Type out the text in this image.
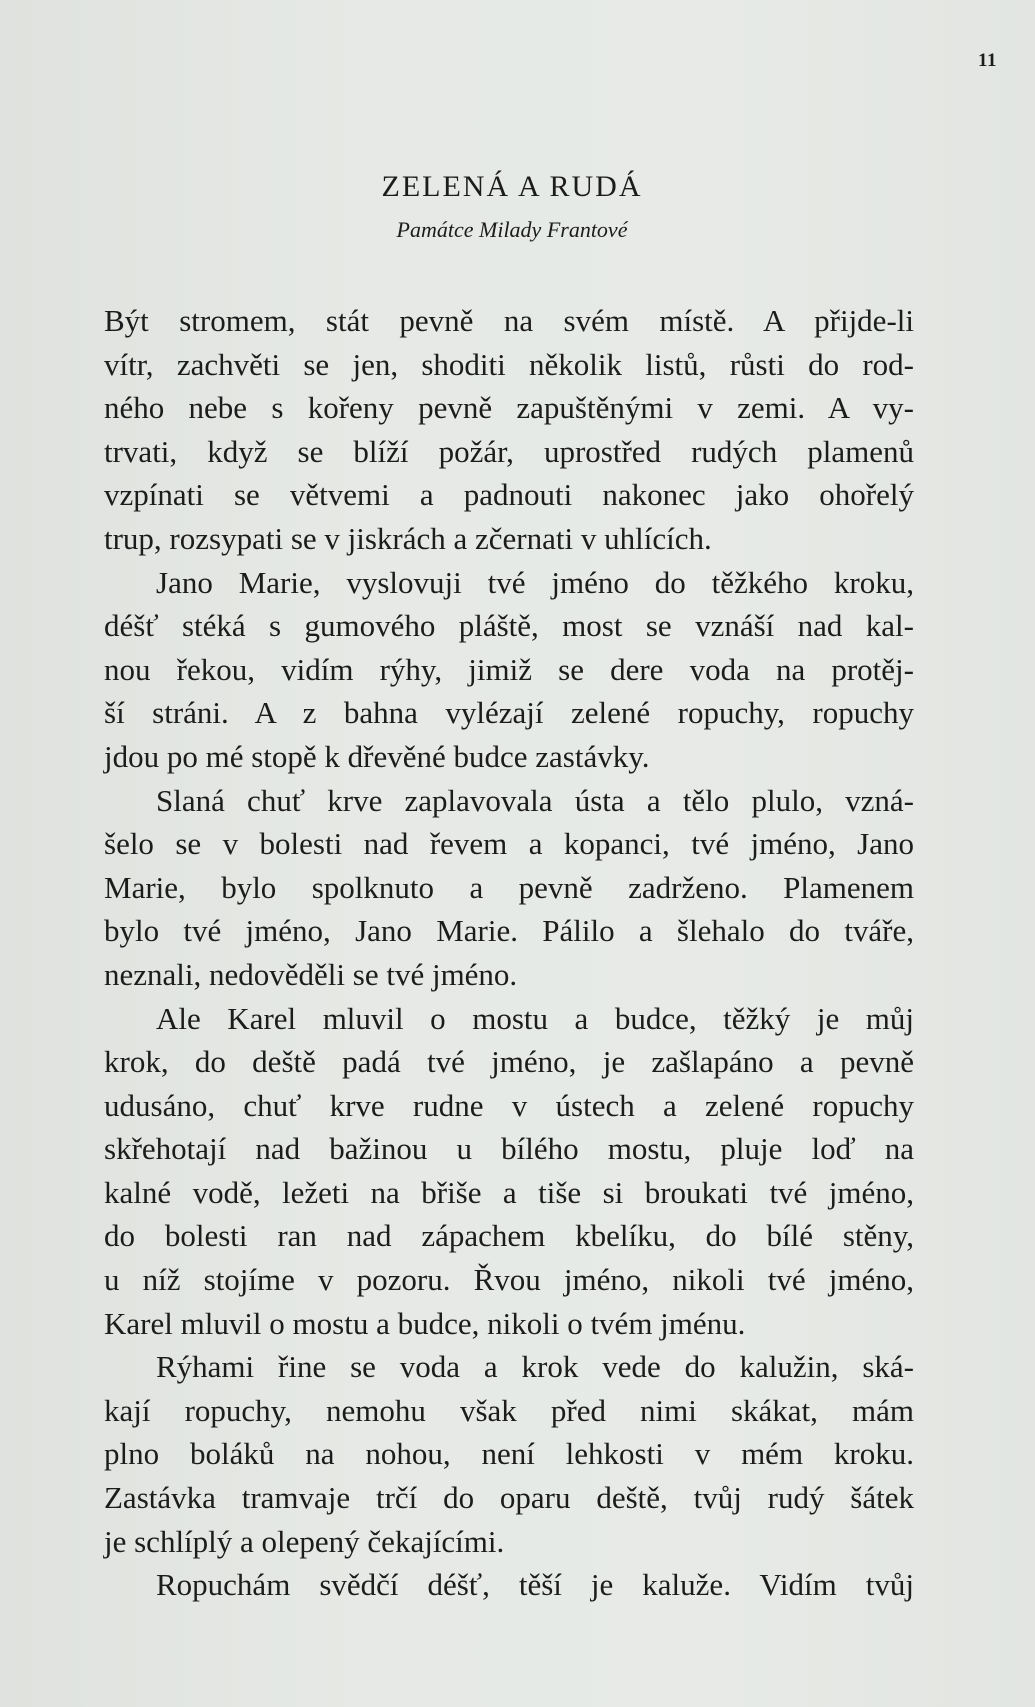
11
ZELENÁ A RUDÁ
Památce Milady Frantové
Být stromem, stát pevně na svém místě. A přijde-li
vítr, zachvěti se jen, shoditi několik listů, růsti do rod-
ného nebe s kořeny pevně zapuštěnými v zemi. A vy-
trvati, když se blíží požár, uprostřed rudých plamenů
vzpínati se větvemi a padnouti nakonec jako ohořelý
trup, rozsypati se v jiskrách a zčernati v uhlících.
Jano Marie, vyslovuji tvé jméno do těžkého kroku,
déšť stéká s gumového pláště, most se vznáší nad kal-
nou řekou, vidím rýhy, jimiž se dere voda na protěj-
ší stráni. A z bahna vylézají zelené ropuchy, ropuchy
jdou po mé stopě k dřevěné budce zastávky.
Slaná chuť krve zaplavovala ústa a tělo plulo, vzná-
šelo se v bolesti nad řevem a kopanci, tvé jméno, Jano
Marie, bylo spolknuto a pevně zadrženo. Plamenem
bylo tvé jméno, Jano Marie. Pálilo a šlehalo do tváře,
neznali, nedověděli se tvé jméno.
Ale Karel mluvil o mostu a budce, těžký je můj
krok, do deště padá tvé jméno, je zašlapáno a pevně
udusáno, chuť krve rudne v ústech a zelené ropuchy
skřehotají nad bažinou u bílého mostu, pluje loď na
kalné vodě, ležeti na břiše a tiše si broukati tvé jméno,
do bolesti ran nad zápachem kbelíku, do bílé stěny,
u níž stojíme v pozoru. Řvou jméno, nikoli tvé jméno,
Karel mluvil o mostu a budce, nikoli o tvém jménu.
Rýhami řine se voda a krok vede do kalužin, ská-
kají ropuchy, nemohu však před nimi skákat, mám
plno boláků na nohou, není lehkosti v mém kroku.
Zastávka tramvaje trčí do oparu deště, tvůj rudý šátek
je schlíplý a olepený čekajícími.
Ropuchám svědčí déšť, těší je kaluže. Vidím tvůj
